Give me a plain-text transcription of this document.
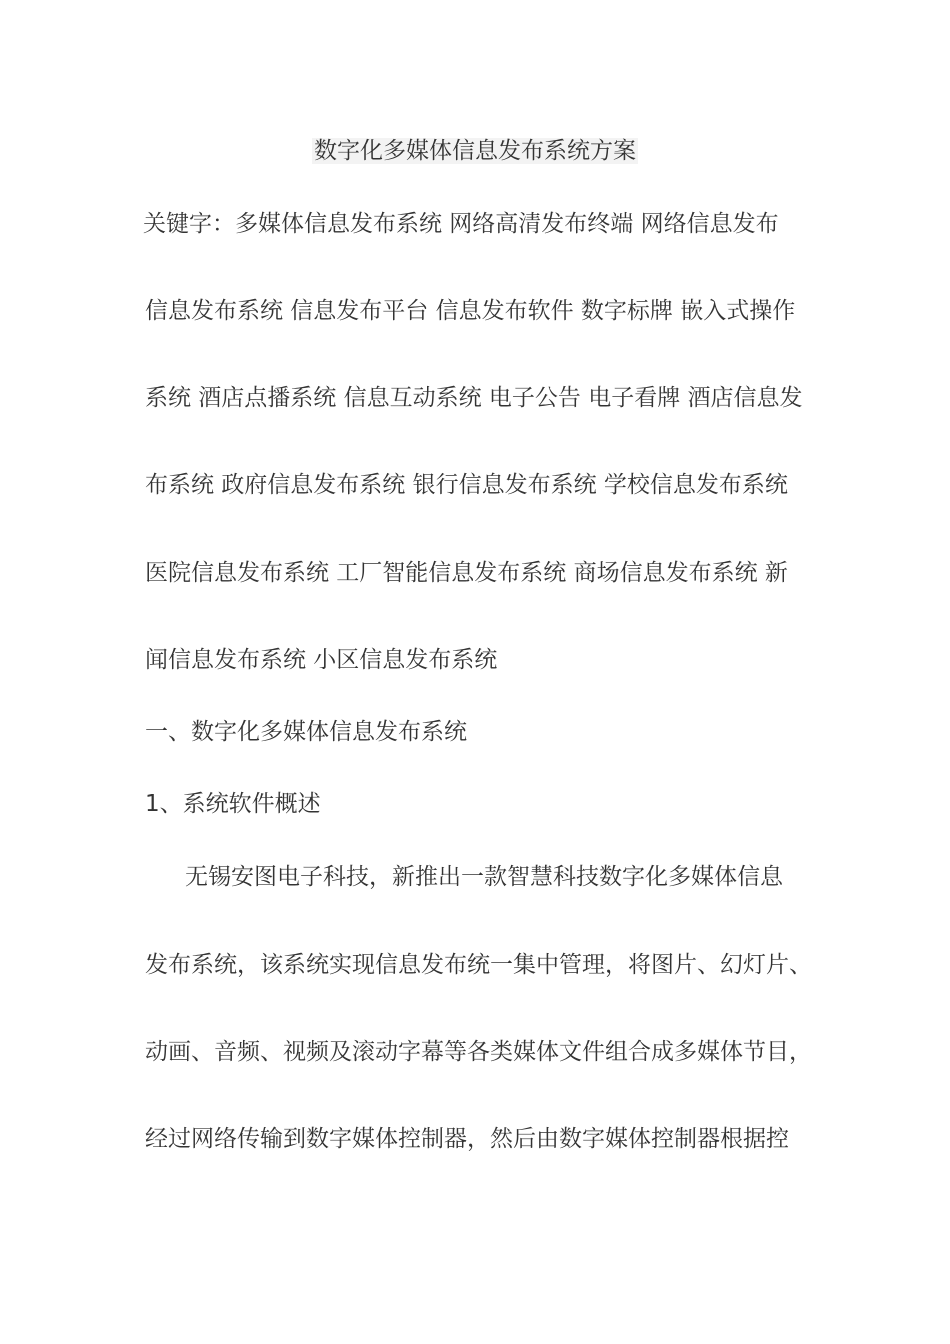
数字化多媒体信息发布系统方案
关键字：多媒体信息发布系统 网络高清发布终端 网络信息发布
信息发布系统 信息发布平台 信息发布软件 数字标牌 嵌入式操作
系统 酒店点播系统 信息互动系统 电子公告 电子看牌 酒店信息发
布系统 政府信息发布系统 银行信息发布系统 学校信息发布系统
医院信息发布系统 工厂智能信息发布系统 商场信息发布系统 新
闻信息发布系统 小区信息发布系统
一、数字化多媒体信息发布系统
1、系统软件概述
无锡安图电子科技，新推出一款智慧科技数字化多媒体信息
发布系统，该系统实现信息发布统一集中管理，将图片、幻灯片、
动画、音频、视频及滚动字幕等各类媒体文件组合成多媒体节目，
经过网络传输到数字媒体控制器，然后由数字媒体控制器根据控
